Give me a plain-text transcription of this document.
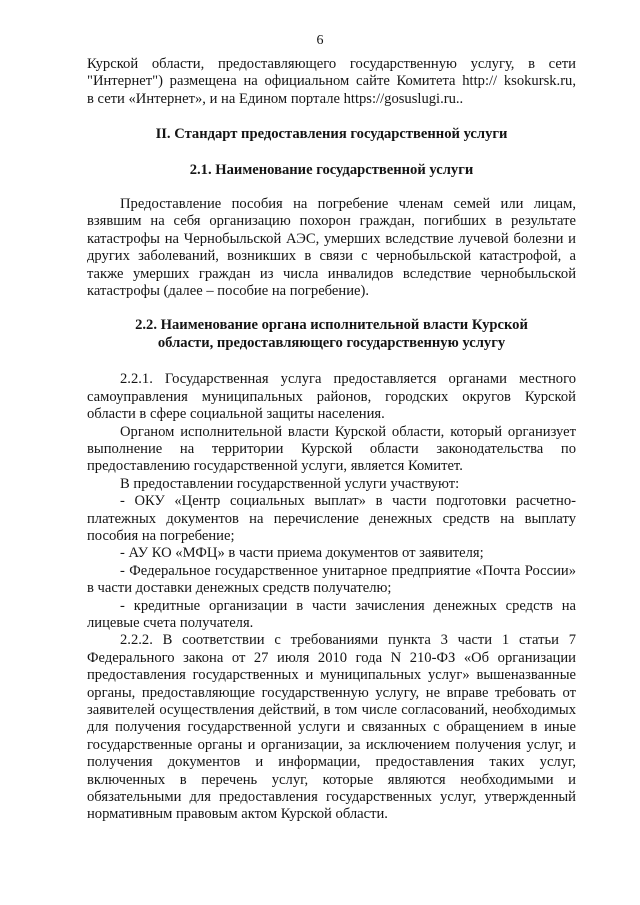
6

Курской области, предоставляющего государственную услугу, в сети

"Интернет") размещена на официальном сайте Комитета http:// ksokursk.ru,

в сети «Интернет», и на Едином портале https://gosuslugi.ru..

II. Стандарт предоставления государственной услуги
2.1. Наименование государственной услуги

Предоставление пособия на погребение членам семей или лицам, взявшим на себя организацию похорон граждан, погибших в результате катастрофы на Чернобыльской АЭС, умерших вследствие лучевой болезни и других заболеваний, возникших в связи с чернобыльской катастрофой, а также умерших граждан из числа инвалидов вследствие чернобыльской катастрофы (далее – пособие на погребение).

2.2. Наименование органа исполнительной власти Курской
области, предоставляющего государственную услугу

2.2.1. Государственная услуга предоставляется органами местного самоуправления муниципальных районов, городских округов Курской области в сфере социальной защиты населения.

Органом исполнительной власти Курской области, который организует выполнение на территории Курской области законодательства по предоставлению государственной услуги, является Комитет.

В предоставлении государственной услуги участвуют:

- ОКУ «Центр социальных выплат» в части подготовки расчетно-платежных документов на перечисление денежных средств на выплату пособия на погребение;

- АУ КО «МФЦ» в части приема документов от заявителя;

- Федеральное государственное унитарное предприятие «Почта России» в части доставки денежных средств получателю;

- кредитные организации в части зачисления денежных средств на лицевые счета получателя.

2.2.2. В соответствии с требованиями пункта 3 части 1 статьи 7 Федерального закона от 27 июля 2010 года N 210-ФЗ «Об организации предоставления государственных и муниципальных услуг» вышеназванные органы, предоставляющие государственную услугу, не вправе требовать от заявителей осуществления действий, в том числе согласований, необходимых для получения государственной услуги и связанных с обращением в иные государственные органы и организации, за исключением получения услуг, и получения документов и информации, предоставления таких услуг, включенных в перечень услуг, которые являются необходимыми и обязательными для предоставления государственных услуг, утвержденный нормативным правовым актом Курской области.
